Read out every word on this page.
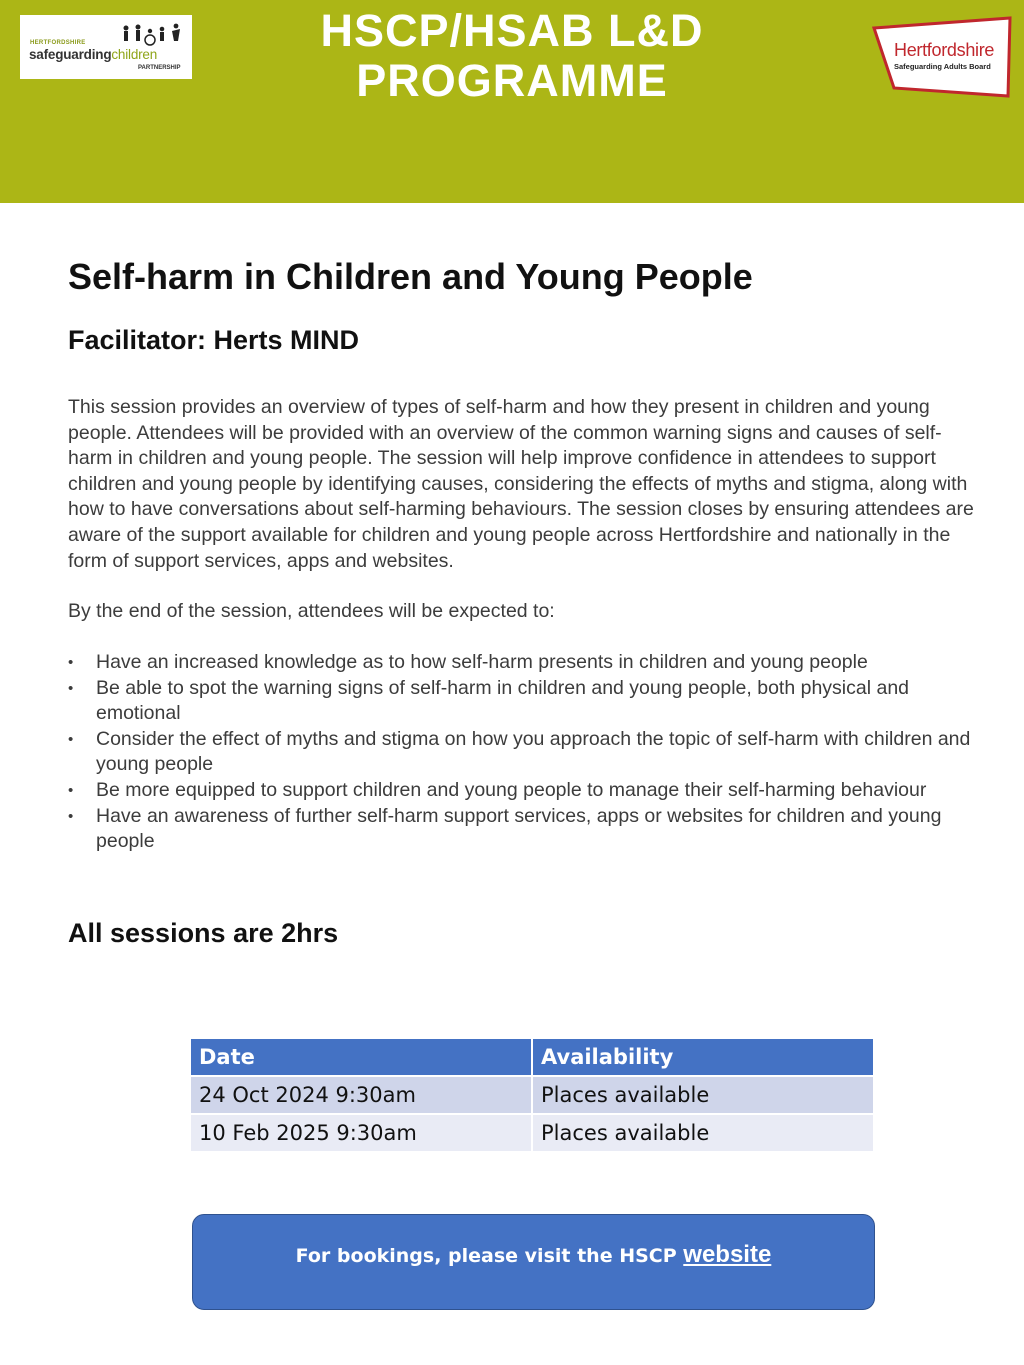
HERTFORDSHIRE
safeguardingchildren
PARTNERSHIP
HSCP/HSAB L&D
PROGRAMME
Hertfordshire
Safeguarding Adults Board
Self-harm in Children and Young People
Facilitator: Herts MIND

This session provides an overview of types of self-harm and how they present in children and young people. Attendees will be provided with an overview of the common warning signs and causes of self-harm in children and young people. The session will help improve confidence in attendees to support children and young people by identifying causes, considering the effects of myths and stigma, along with how to have conversations about self-harming behaviours. The session closes by ensuring attendees are aware of the support available for children and young people across Hertfordshire and nationally in the form of support services, apps and websites.

By the end of the session, attendees will be expected to:

• Have an increased knowledge as to how self-harm presents in children and young people
• Be able to spot the warning signs of self-harm in children and young people, both physical and emotional
• Consider the effect of myths and stigma on how you approach the topic of self-harm with children and young people
• Be more equipped to support children and young people to manage their self-harming behaviour
• Have an awareness of further self-harm support services, apps or websites for children and young people
All sessions are 2hrs
Date	Availability
24 Oct 2024 9:30am	Places available
10 Feb 2025 9:30am	Places available
For bookings, please visit the HSCP website
